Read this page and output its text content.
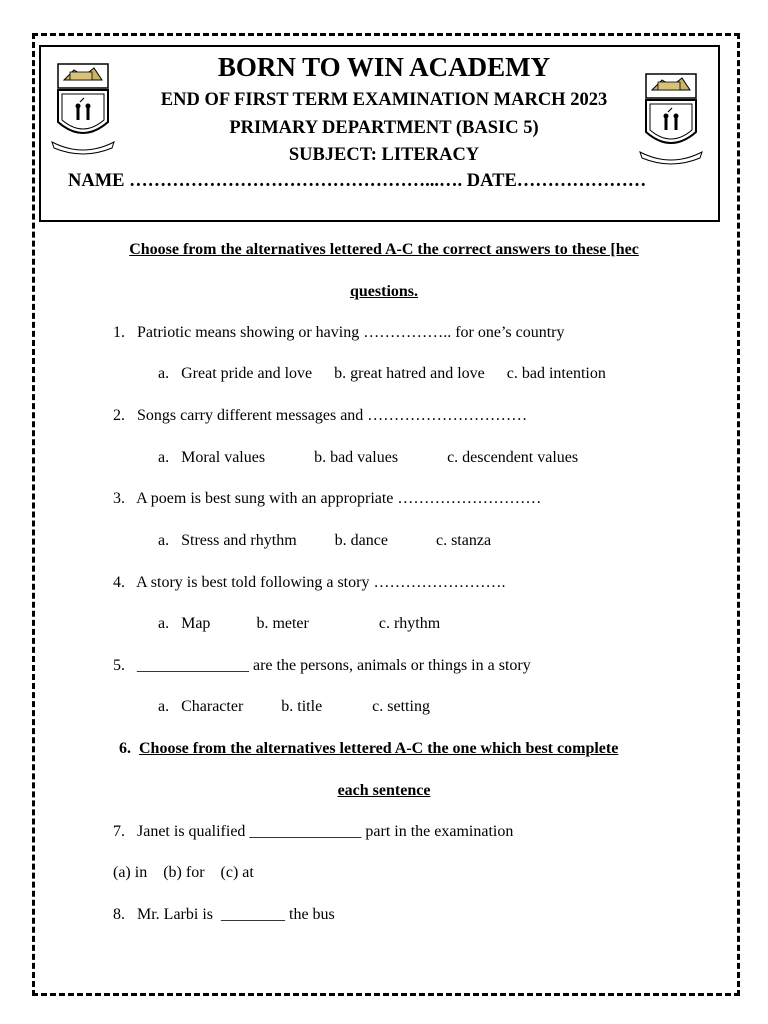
BORN TO WIN ACADEMY
END OF FIRST TERM EXAMINATION MARCH 2023
PRIMARY DEPARTMENT (BASIC 5)
SUBJECT: LITERACY
NAME …………………………………………...…. DATE…………………
Choose from the alternatives lettered A-C the correct answers to these [hec
questions.
1.   Patriotic means showing or having …………….. for one’s country
a.   Great pride and love b. great hatred and love c. bad intention
2.   Songs carry different messages and …………………………
a.   Moral values	b. bad values	c. descendent values
3.   A poem is best sung with an appropriate ………………………
a.   Stress and rhythm b. dance	c. stanza
4.   A story is best told following a story …………………….
a.   Map	b. meter	c. rhythm
5.   ______________ are the persons, animals or things in a story
a.   Character b. title	c. setting
6. Choose from the alternatives lettered A-C the one which best complete
each sentence
7.   Janet is qualified ______________ part in the examination
(a) in    (b) for    (c) at
8.   Mr. Larbi is  ________ the bus
